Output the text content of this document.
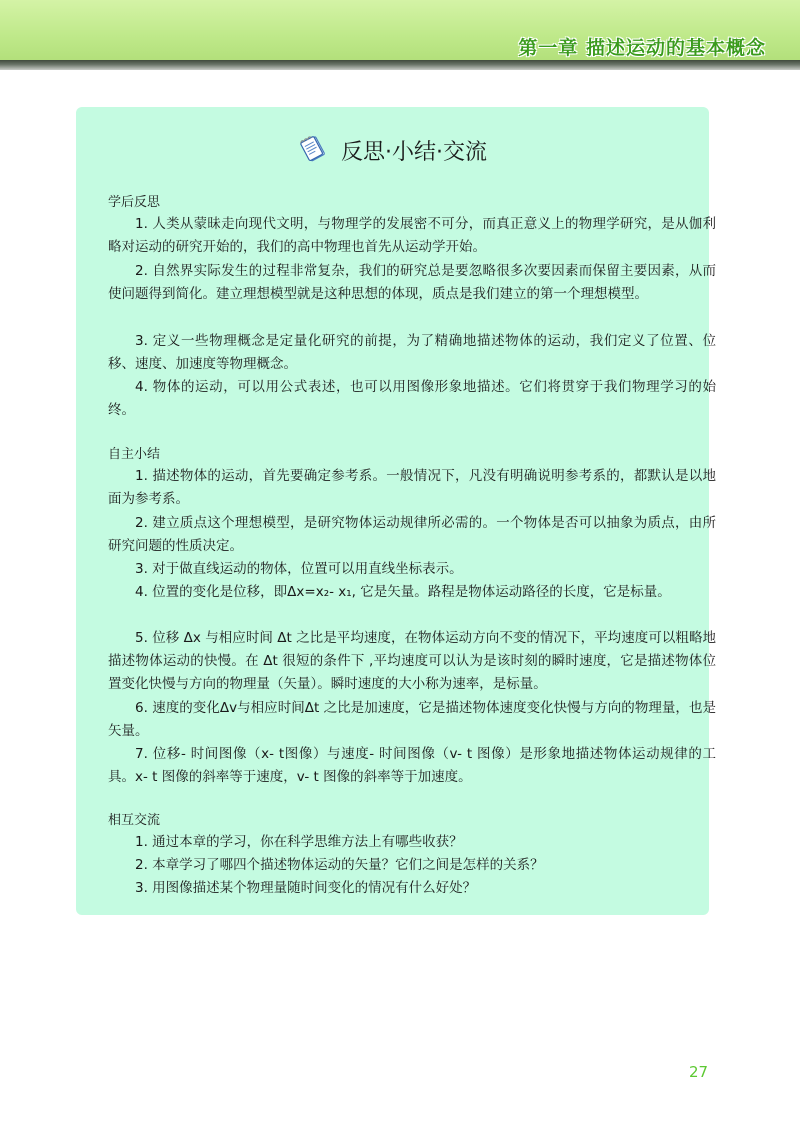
第一章 描述运动的基本概念
反思·小结·交流
学后反思
1. 人类从蒙昧走向现代文明，与物理学的发展密不可分，而真正意义上的物理学研究，是从伽利略对运动的研究开始的，我们的高中物理也首先从运动学开始。
2. 自然界实际发生的过程非常复杂，我们的研究总是要忽略很多次要因素而保留主要因素，从而使问题得到简化。建立理想模型就是这种思想的体现，质点是我们建立的第一个理想模型。
3. 定义一些物理概念是定量化研究的前提，为了精确地描述物体的运动，我们定义了位置、位移、速度、加速度等物理概念。
4. 物体的运动，可以用公式表述，也可以用图像形象地描述。它们将贯穿于我们物理学习的始终。
自主小结
1. 描述物体的运动，首先要确定参考系。一般情况下，凡没有明确说明参考系的，都默认是以地面为参考系。
2. 建立质点这个理想模型，是研究物体运动规律所必需的。一个物体是否可以抽象为质点，由所研究问题的性质决定。
3. 对于做直线运动的物体，位置可以用直线坐标表示。
4. 位置的变化是位移，即Δx=x₂- x₁, 它是矢量。路程是物体运动路径的长度，它是标量。
5. 位移 Δx 与相应时间 Δt 之比是平均速度，在物体运动方向不变的情况下，平均速度可以粗略地描述物体运动的快慢。在 Δt 很短的条件下 ,平均速度可以认为是该时刻的瞬时速度，它是描述物体位置变化快慢与方向的物理量（矢量）。瞬时速度的大小称为速率，是标量。
6. 速度的变化Δv与相应时间Δt 之比是加速度，它是描述物体速度变化快慢与方向的物理量，也是矢量。
7. 位移- 时间图像（x- t图像）与速度- 时间图像（v- t 图像）是形象地描述物体运动规律的工具。x- t 图像的斜率等于速度，v- t 图像的斜率等于加速度。
相互交流
1. 通过本章的学习，你在科学思维方法上有哪些收获？
2. 本章学习了哪四个描述物体运动的矢量？它们之间是怎样的关系？
3. 用图像描述某个物理量随时间变化的情况有什么好处？
27
